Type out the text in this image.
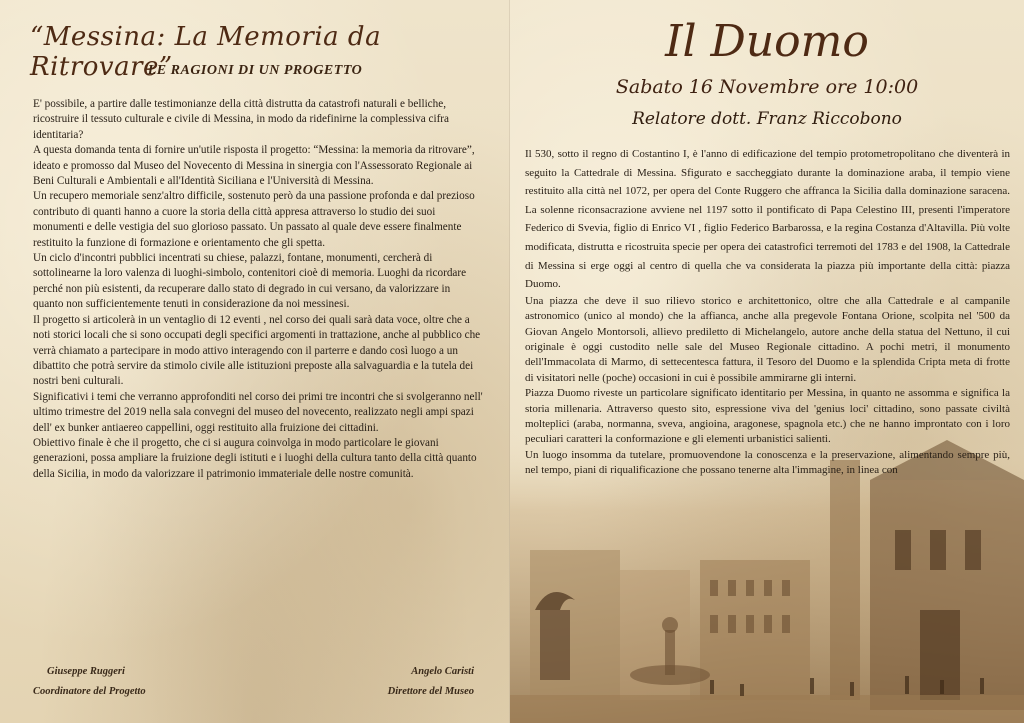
“Messina: La Memoria da Ritrovare”
LE RAGIONI DI UN PROGETTO

E' possibile, a partire dalle testimonianze della città distrutta da catastrofi naturali e belliche, ricostruire il tessuto culturale e civile di Messina, in modo da ridefinirne la complessiva cifra identitaria?

A questa domanda tenta di fornire un'utile risposta il progetto: “Messina: la memoria da ritrovare”, ideato e promosso dal Museo del Novecento di Messina in sinergia con l'Assessorato Regionale ai Beni Culturali e Ambientali e all'Identità Siciliana e l'Università di Messina.

Un recupero memoriale senz'altro difficile, sostenuto però da una passione profonda e dal prezioso contributo di quanti hanno a cuore la storia della città appresa attraverso lo studio dei suoi monumenti e delle vestigia del suo glorioso passato. Un passato al quale deve essere finalmente restituito la funzione di formazione e orientamento che gli spetta.

Un ciclo d'incontri pubblici incentrati su chiese, palazzi, fontane, monumenti, cercherà di sottolinearne la loro valenza di luoghi-simbolo, contenitori cioè di memoria. Luoghi da ricordare perché non più esistenti, da recuperare dallo stato di degrado in cui versano, da valorizzare in quanto non sufficientemente tenuti in considerazione da noi messinesi.

Il progetto si articolerà in un ventaglio di 12 eventi , nel corso dei quali sarà data voce, oltre che a noti storici locali che si sono occupati degli specifici argomenti in trattazione, anche al pubblico che verrà chiamato a partecipare in modo attivo interagendo con il parterre e dando così luogo a un dibattito che potrà servire da stimolo civile alle istituzioni preposte alla salvaguardia e la tutela dei nostri beni culturali.

Significativi i temi che verranno approfonditi nel corso dei primi tre incontri che si svolgeranno nell' ultimo trimestre del 2019 nella sala convegni del museo del novecento, realizzato negli ampi spazi dell' ex bunker antiaereo cappellini, oggi restituito alla fruizione dei cittadini.

Obiettivo finale è che il progetto, che ci si augura coinvolga in modo particolare le giovani generazioni, possa ampliare la fruizione degli istituti e i luoghi della cultura tanto della città quanto della Sicilia, in modo da valorizzare il patrimonio immateriale delle nostre comunità.

Giuseppe Ruggeri
Coordinatore del Progetto
Angelo Caristi
Direttore del Museo
Il Duomo
Sabato 16 Novembre ore 10:00
Relatore dott. Franz Riccobono

Il 530, sotto il regno di Costantino I, è l'anno di edificazione del tempio protometropolitano che diventerà in seguito la Cattedrale di Messina. Sfigurato e saccheggiato durante la dominazione araba, il tempio viene restituito alla città nel 1072, per opera del Conte Ruggero che affranca la Sicilia dalla dominazione saracena. La solenne riconsacrazione avviene nel 1197 sotto il pontificato di Papa Celestino III, presenti l'imperatore Federico di Svevia, figlio di Enrico VI , figlio Federico Barbarossa, e la regina Costanza d'Altavilla. Più volte modificata, distrutta e ricostruita specie per opera dei catastrofici terremoti del 1783 e del 1908, la Cattedrale di Messina si erge oggi al centro di quella che va considerata la piazza più importante della città: piazza Duomo.

Una piazza che deve il suo rilievo storico e architettonico, oltre che alla Cattedrale e al campanile astronomico (unico al mondo) che la affianca, anche alla pregevole Fontana Orione, scolpita nel '500 da Giovan Angelo Montorsoli, allievo prediletto di Michelangelo, autore anche della statua del Nettuno, il cui originale è oggi custodito nelle sale del Museo Regionale cittadino. A pochi metri, il monumento dell'Immacolata di Marmo, di settecentesca fattura, il Tesoro del Duomo e la splendida Cripta meta di frotte di visitatori nelle (poche) occasioni in cui è possibile ammirarne gli interni.

Piazza Duomo riveste un particolare significato identitario per Messina, in quanto ne assomma e significa la storia millenaria. Attraverso questo sito, espressione viva del 'genius loci' cittadino, sono passate civiltà molteplici (araba, normanna, sveva, angioina, aragonese, spagnola etc.) che ne hanno improntato con i loro peculiari caratteri la conformazione e gli elementi urbanistici salienti.

Un luogo insomma da tutelare, promuovendone la conoscenza e la preservazione, alimentando sempre più, nel tempo, piani di riqualificazione che possano tenerne alta l'immagine, in linea con
